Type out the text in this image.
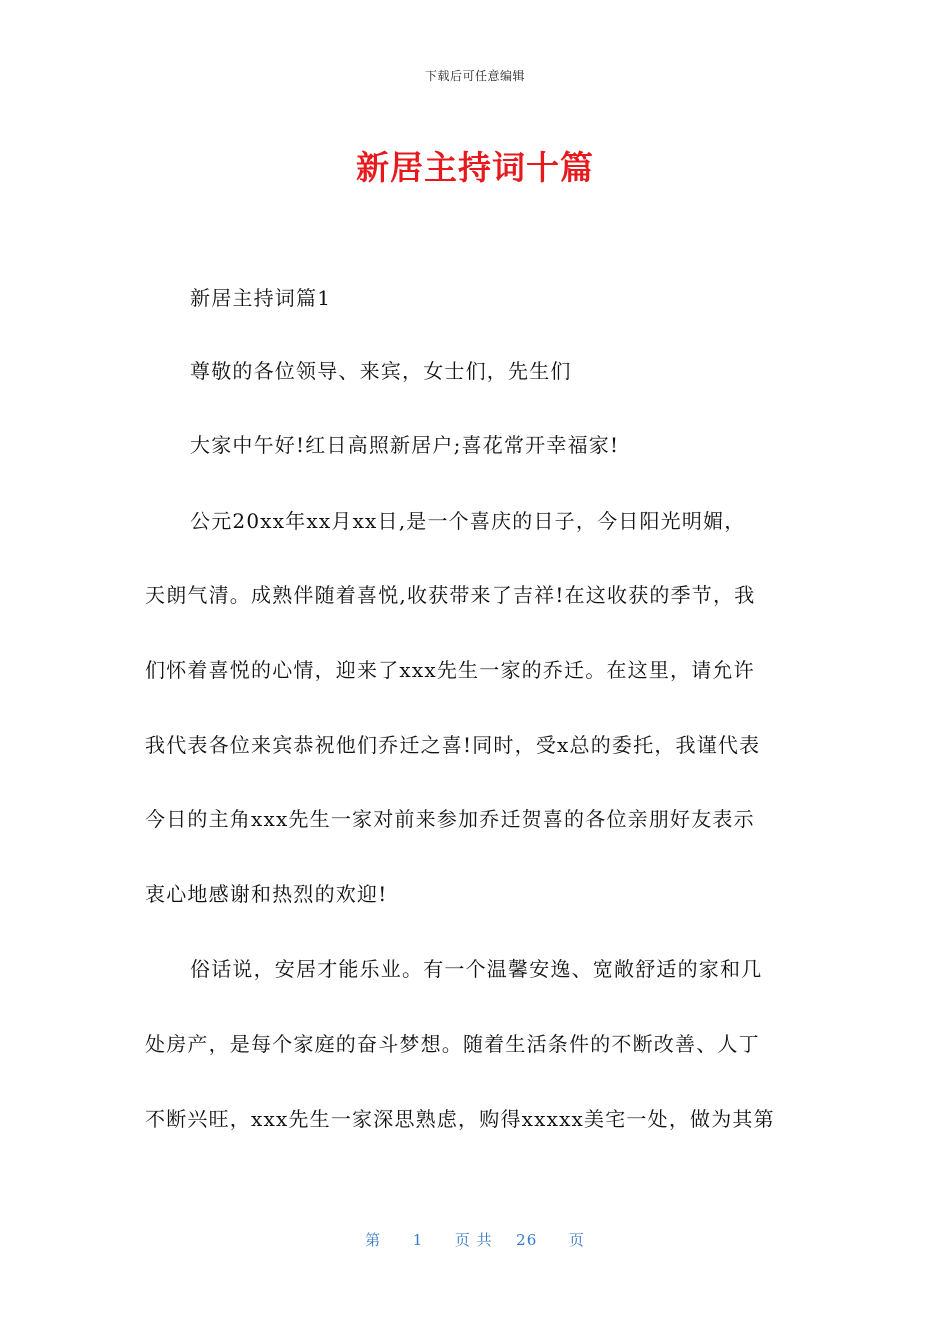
下载后可任意编辑
新居主持词十篇
新居主持词篇1
尊敬的各位领导、来宾，女士们，先生们
大家中午好!红日高照新居户;喜花常开幸福家!
公元20xx年xx月xx日,是一个喜庆的日子，今日阳光明媚，
天朗气清。成熟伴随着喜悦,收获带来了吉祥!在这收获的季节，我
们怀着喜悦的心情，迎来了xxx先生一家的乔迁。在这里，请允许
我代表各位来宾恭祝他们乔迁之喜!同时，受x总的委托，我谨代表
今日的主角xxx先生一家对前来参加乔迁贺喜的各位亲朋好友表示
衷心地感谢和热烈的欢迎!
俗话说，安居才能乐业。有一个温馨安逸、宽敞舒适的家和几
处房产，是每个家庭的奋斗梦想。随着生活条件的不断改善、人丁
不断兴旺，xxx先生一家深思熟虑，购得xxxxx美宅一处，做为其第
第 1 页 共 26 页
